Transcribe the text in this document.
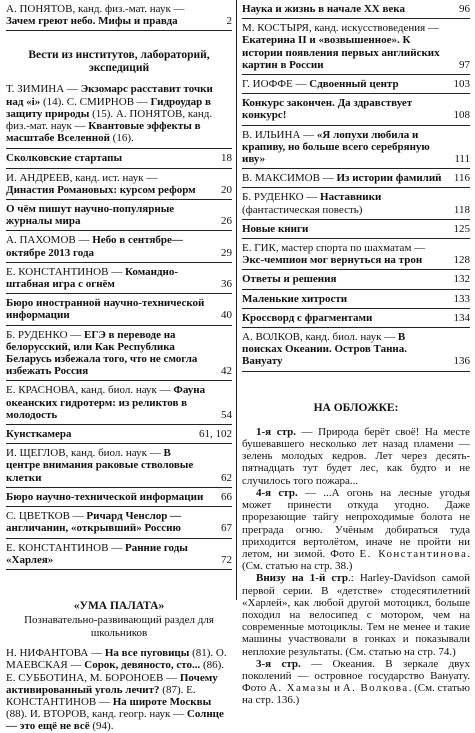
А. ПОНЯТОВ, канд. физ.-мат. наук — Зачем греют небо. Мифы и правда	2
Вести из институтов, лабораторий, экспедиций

Т. ЗИМИНА — Экзомарс расставит точки над «i» (14). С. СМИРНОВ — Гидроудар в защиту природы (15). А. ПОНЯТОВ, канд. физ.-мат. наук — Квантовые эффекты в масштабе Вселенной (16).

Сколковские стартапы	18
И. АНДРЕЕВ, канд. ист. наук — Династия Романовых: курсом реформ 20
О чём пишут научно-популярные журналы мира	26
А. ПАХОМОВ — Небо в сентябре—октябре 2013 года	29
Е. КОНСТАНТИНОВ — Командно-штабная игра с огнём	36
Бюро иностранной научно-технической информации	40
Б. РУДЕНКО — ЕГЭ в переводе на белорусский, или Как Республика Беларусь избежала того, что не смогла избежать Россия	42
Е. КРАСНОВА, канд. биол. наук — Фауна океанских гидротерм: из реликтов в молодость	54
Кунсткамера	61, 102
И. ЩЕГЛОВ, канд. биол. наук — В центре внимания раковые стволовые клетки	62
Бюро научно-технической информации 66
С. ЦВЕТКОВ — Ричард Ченслор — англичанин, «открывший» Россию	67
Е. КОНСТАНТИНОВ — Ранние годы «Харлея»	72
«УМА ПАЛАТА»
Познавательно-развивающий раздел для школьников

Н. НИФАНТОВА — На все пуговицы (81). О. МАЕВСКАЯ — Сорок, девяносто, сто... (86). Е. СУББОТИНА, М. БОРОНОЕВ — Почему активированный уголь лечит? (87). Е. КОНСТАНТИНОВ — На широте Москвы (88). И. ВТОРОВ, канд. геогр. наук — Солнце — это ещё не всё (94).

Наука и жизнь в начале XX века	96
М. КОСТЫРЯ, канд. искусствоведения — Екатерина II и «возвышенное». К истории появления первых английских картин в России	97
Г. ИОФФЕ — Сдвоенный центр	103
Конкурс закончен. Да здравствует конкурс!	108
В. ИЛЬИНА — «Я лопухи любила и крапиву, но больше всего серебряную иву»	111
В. МАКСИМОВ — Из истории фамилий 116
Б. РУДЕНКО — Наставники (фантастическая повесть)	118
Новые книги	125
Е. ГИК, мастер спорта по шахматам — Экс-чемпион мог вернуться на трон	128
Ответы и решения	132
Маленькие хитрости	133
Кроссворд с фрагментами	134
А. ВОЛКОВ, канд. биол. наук — В поисках Океании. Остров Танна. Вануату	136
НА ОБЛОЖКЕ:

1-я стр. — Природа берёт своё! На месте бушевавшего несколько лет назад пламени — зелень молодых кедров. Лет через десять-пятнадцать тут будет лес, как будто и не случилось того пожара...

4-я стр. — ...А огонь на лесные угодья может принести откуда угодно. Даже прорезающие тайгу непроходимые болота не преграда огню. Учёным добираться туда приходится вертолётом, иначе не пройти ни летом, ни зимой. Фото Е. Константинова. (См. статью на стр. 38.)

Внизу на 1-й стр.: Harley-Davidson самой первой серии. В «детстве» стодесятилетний «Харлей», как любой другой мотоцикл, больше походил на велосипед с мотором, чем на современные мотоциклы. Тем не менее и такие машины участвовали в гонках и показывали неплохие результаты. (См. статью на стр. 74.)

3-я стр. — Океания. В зеркале двух поколений — островное государство Вануату. Фото А. Хамазы и А. Волкова. (См. статью на стр. 136.)
